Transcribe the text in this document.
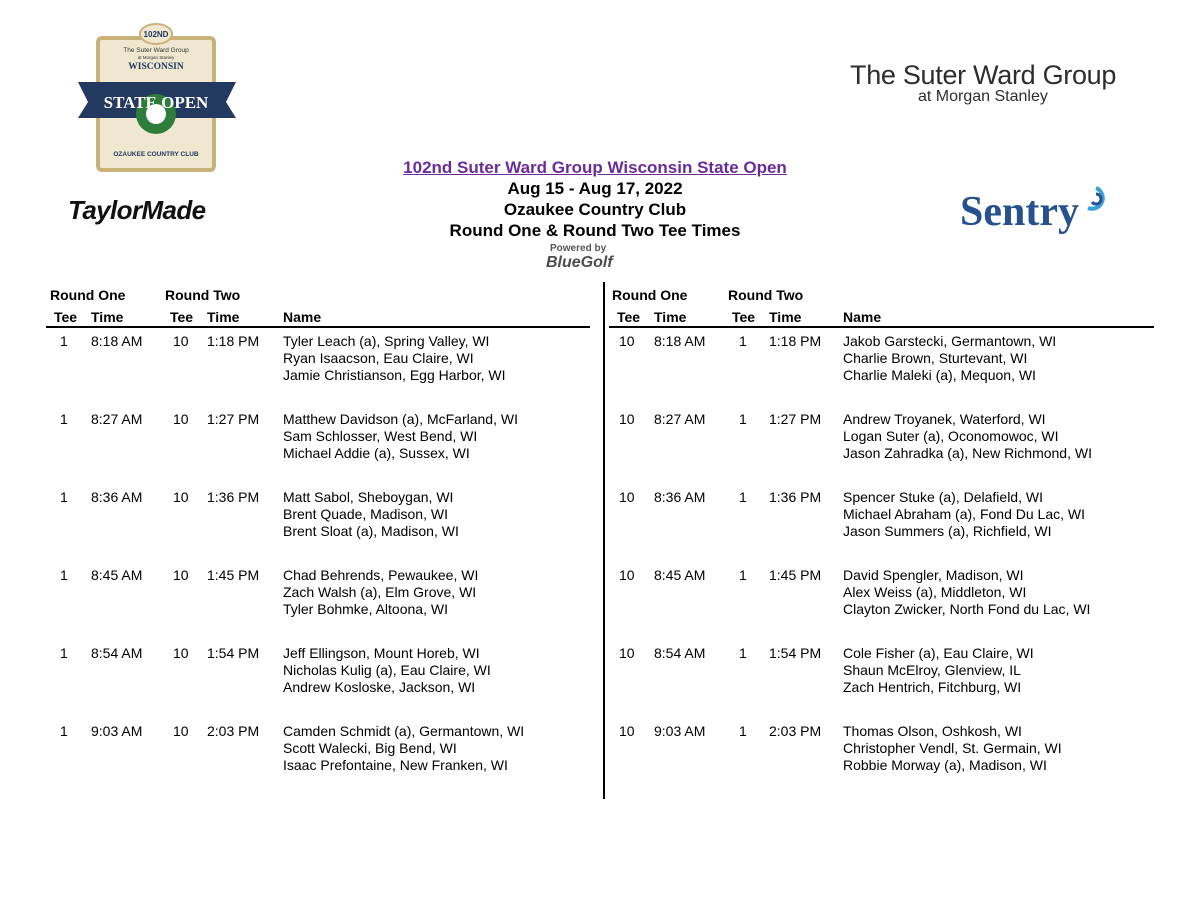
102ND
The Suter Ward Group
at Morgan Stanley
WISCONSIN
STATE OPEN
OZAUKEE COUNTRY CLUB
The Suter Ward Group
at Morgan Stanley
TaylorMade	Sentry
102nd Suter Ward Group Wisconsin State Open
Aug 15 - Aug 17, 2022
Ozaukee Country Club
Round One & Round Two Tee Times
Powered by
BlueGolf
Round One	Round Two
Tee Time	Tee Time	Name
Round One	Round Two
Tee Time	Tee Time	Name
1 8:18 AM 10 1:18 PM Tyler Leach (a), Spring Valley, WI
Ryan Isaacson, Eau Claire, WI
Jamie Christianson, Egg Harbor, WI
1 8:27 AM 10 1:27 PM Matthew Davidson (a), McFarland, WI
Sam Schlosser, West Bend, WI
Michael Addie (a), Sussex, WI
1 8:36 AM 10 1:36 PM Matt Sabol, Sheboygan, WI
Brent Quade, Madison, WI
Brent Sloat (a), Madison, WI
1 8:45 AM 10 1:45 PM Chad Behrends, Pewaukee, WI
Zach Walsh (a), Elm Grove, WI
Tyler Bohmke, Altoona, WI
1 8:54 AM 10 1:54 PM Jeff Ellingson, Mount Horeb, WI
Nicholas Kulig (a), Eau Claire, WI
Andrew Kosloske, Jackson, WI
1 9:03 AM 10 2:03 PM Camden Schmidt (a), Germantown, WI
Scott Walecki, Big Bend, WI
Isaac Prefontaine, New Franken, WI
10 8:18 AM 1 1:18 PM Jakob Garstecki, Germantown, WI
Charlie Brown, Sturtevant, WI
Charlie Maleki (a), Mequon, WI
10 8:27 AM 1 1:27 PM Andrew Troyanek, Waterford, WI
Logan Suter (a), Oconomowoc, WI
Jason Zahradka (a), New Richmond, WI
10 8:36 AM 1 1:36 PM Spencer Stuke (a), Delafield, WI
Michael Abraham (a), Fond Du Lac, WI
Jason Summers (a), Richfield, WI
10 8:45 AM 1 1:45 PM David Spengler, Madison, WI
Alex Weiss (a), Middleton, WI
Clayton Zwicker, North Fond du Lac, WI
10 8:54 AM 1 1:54 PM Cole Fisher (a), Eau Claire, WI
Shaun McElroy, Glenview, IL
Zach Hentrich, Fitchburg, WI
10 9:03 AM 1 2:03 PM Thomas Olson, Oshkosh, WI
Christopher Vendl, St. Germain, WI
Robbie Morway (a), Madison, WI
